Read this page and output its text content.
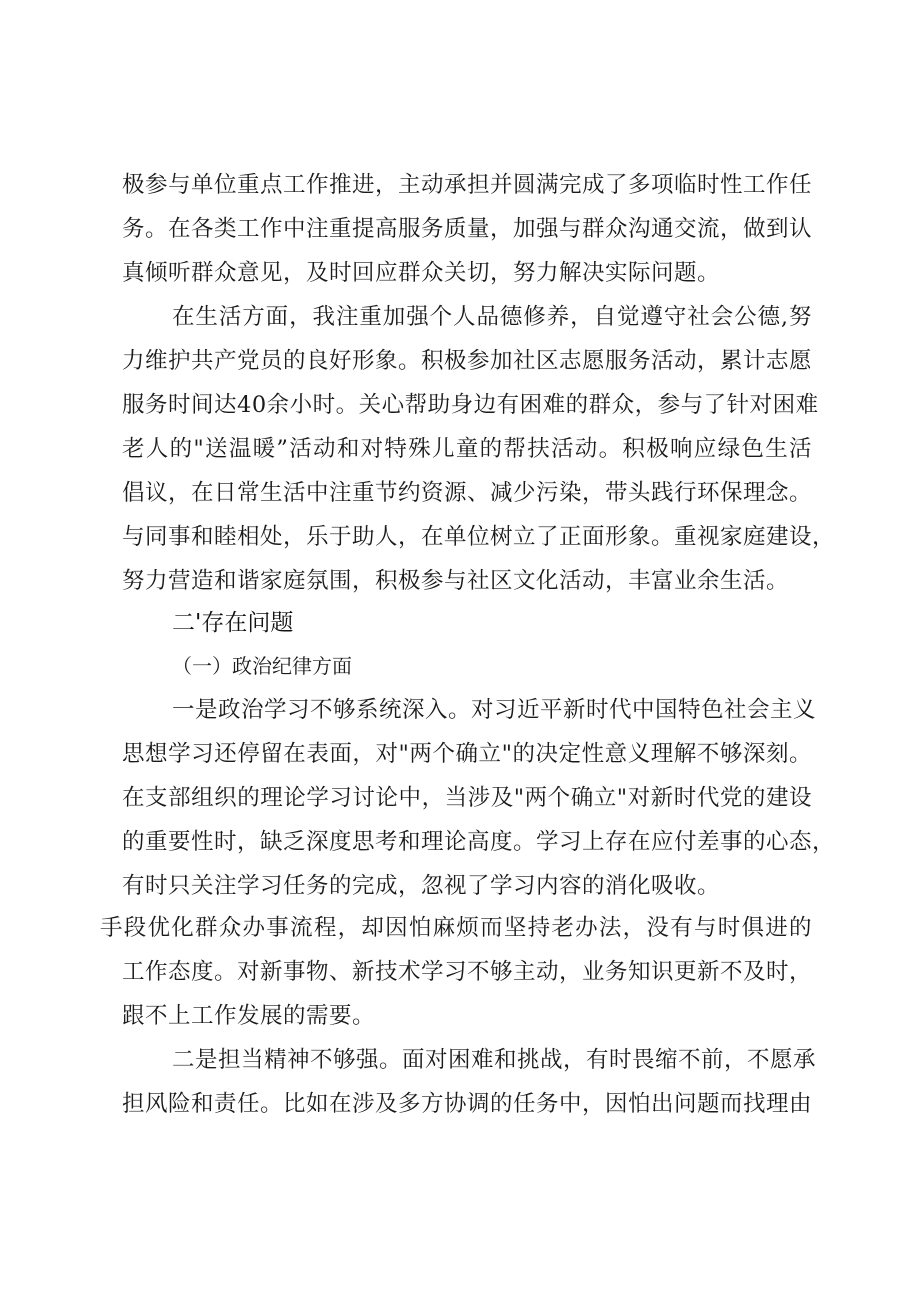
极参与单位重点工作推进，主动承担并圆满完成了多项临时性工作任
务。在各类工作中注重提高服务质量，加强与群众沟通交流，做到认
真倾听群众意见，及时回应群众关切，努力解决实际问题。
在生活方面，我注重加强个人品德修养，自觉遵守社会公德,努
力维护共产党员的良好形象。积极参加社区志愿服务活动，累计志愿
服务时间达40余小时。关心帮助身边有困难的群众，参与了针对困难
老人的"送温暖”活动和对特殊儿童的帮扶活动。积极响应绿色生活
倡议，在日常生活中注重节约资源、减少污染，带头践行环保理念。
与同事和睦相处，乐于助人，在单位树立了正面形象。重视家庭建设，
努力营造和谐家庭氛围，积极参与社区文化活动，丰富业余生活。
二'存在问题
（一）政治纪律方面
一是政治学习不够系统深入。对习近平新时代中国特色社会主义
思想学习还停留在表面，对"两个确立"的决定性意义理解不够深刻。
在支部组织的理论学习讨论中，当涉及"两个确立"对新时代党的建设
的重要性时，缺乏深度思考和理论高度。学习上存在应付差事的心态，
有时只关注学习任务的完成，忽视了学习内容的消化吸收。
手段优化群众办事流程，却因怕麻烦而坚持老办法，没有与时俱进的
工作态度。对新事物、新技术学习不够主动，业务知识更新不及时，
跟不上工作发展的需要。
二是担当精神不够强。面对困难和挑战，有时畏缩不前，不愿承
担风险和责任。比如在涉及多方协调的任务中，因怕出问题而找理由
